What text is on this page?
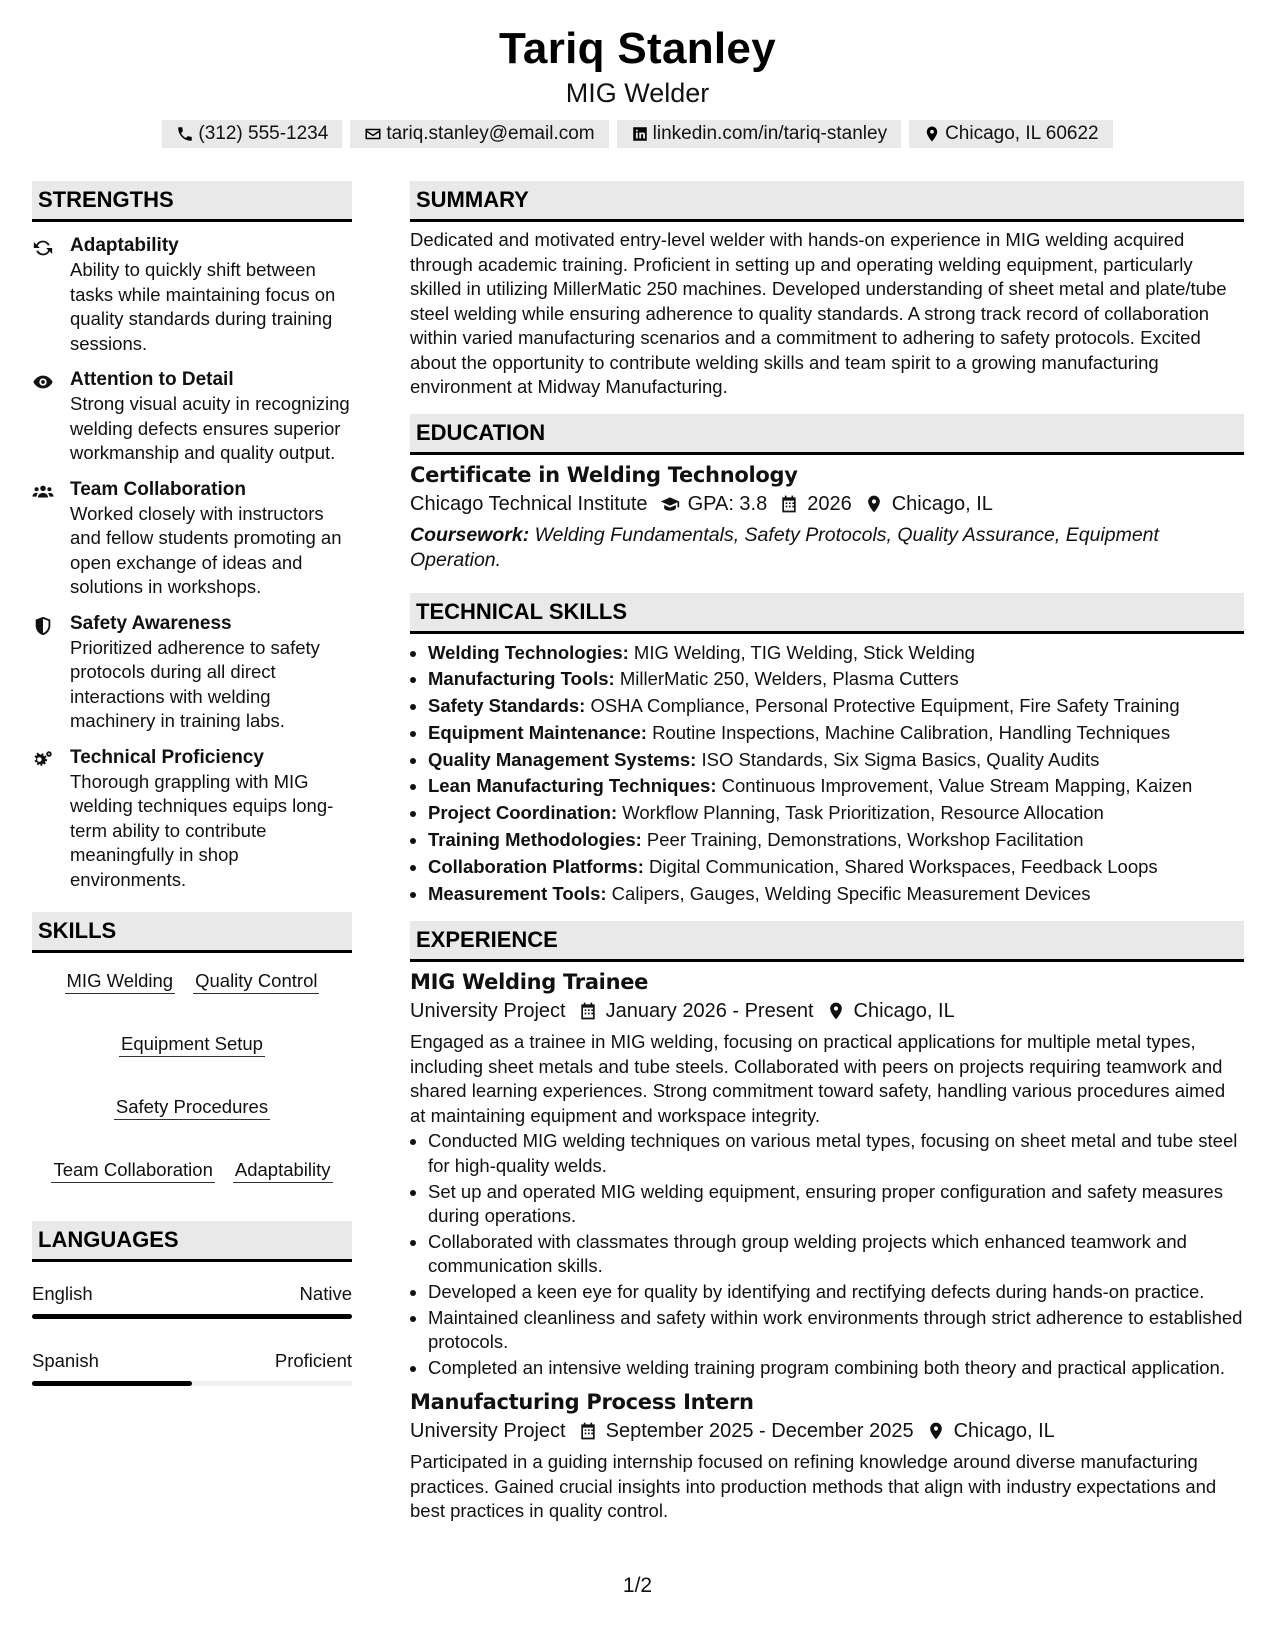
Tariq Stanley
MIG Welder
(312) 555-1234	tariq.stanley@email.com	linkedin.com/in/tariq-stanley	Chicago, IL 60622
STRENGTHS
Adaptability
Ability to quickly shift between tasks while maintaining focus on quality standards during training sessions.
Attention to Detail
Strong visual acuity in recognizing welding defects ensures superior workmanship and quality output.
Team Collaboration
Worked closely with instructors and fellow students promoting an open exchange of ideas and solutions in workshops.
Safety Awareness
Prioritized adherence to safety protocols during all direct interactions with welding machinery in training labs.
Technical Proficiency
Thorough grappling with MIG welding techniques equips long-term ability to contribute meaningfully in shop environments.
SKILLS
MIG Welding Quality Control
Equipment Setup
Safety Procedures
Team Collaboration Adaptability
LANGUAGES
English	Native
Spanish	Proficient
SUMMARY
Dedicated and motivated entry-level welder with hands-on experience in MIG welding acquired through academic training. Proficient in setting up and operating welding equipment, particularly skilled in utilizing MillerMatic 250 machines. Developed understanding of sheet metal and plate/tube steel welding while ensuring adherence to quality standards. A strong track record of collaboration within varied manufacturing scenarios and a commitment to adhering to safety protocols. Excited about the opportunity to contribute welding skills and team spirit to a growing manufacturing environment at Midway Manufacturing.
EDUCATION
Certificate in Welding Technology
Chicago Technical Institute GPA: 3.8 2026 Chicago, IL
Coursework: Welding Fundamentals, Safety Protocols, Quality Assurance, Equipment Operation.
TECHNICAL SKILLS
• Welding Technologies: MIG Welding, TIG Welding, Stick Welding
• Manufacturing Tools: MillerMatic 250, Welders, Plasma Cutters
• Safety Standards: OSHA Compliance, Personal Protective Equipment, Fire Safety Training
• Equipment Maintenance: Routine Inspections, Machine Calibration, Handling Techniques
• Quality Management Systems: ISO Standards, Six Sigma Basics, Quality Audits
• Lean Manufacturing Techniques: Continuous Improvement, Value Stream Mapping, Kaizen
• Project Coordination: Workflow Planning, Task Prioritization, Resource Allocation
• Training Methodologies: Peer Training, Demonstrations, Workshop Facilitation
• Collaboration Platforms: Digital Communication, Shared Workspaces, Feedback Loops
• Measurement Tools: Calipers, Gauges, Welding Specific Measurement Devices
EXPERIENCE
MIG Welding Trainee
University Project January 2026 - Present Chicago, IL
Engaged as a trainee in MIG welding, focusing on practical applications for multiple metal types, including sheet metals and tube steels. Collaborated with peers on projects requiring teamwork and shared learning experiences. Strong commitment toward safety, handling various procedures aimed at maintaining equipment and workspace integrity.
• Conducted MIG welding techniques on various metal types, focusing on sheet metal and tube steel for high-quality welds.
• Set up and operated MIG welding equipment, ensuring proper configuration and safety measures during operations.
• Collaborated with classmates through group welding projects which enhanced teamwork and communication skills.
• Developed a keen eye for quality by identifying and rectifying defects during hands-on practice.
• Maintained cleanliness and safety within work environments through strict adherence to established protocols.
• Completed an intensive welding training program combining both theory and practical application.
Manufacturing Process Intern
University Project September 2025 - December 2025 Chicago, IL
Participated in a guiding internship focused on refining knowledge around diverse manufacturing practices. Gained crucial insights into production methods that align with industry expectations and best practices in quality control.
1/2
